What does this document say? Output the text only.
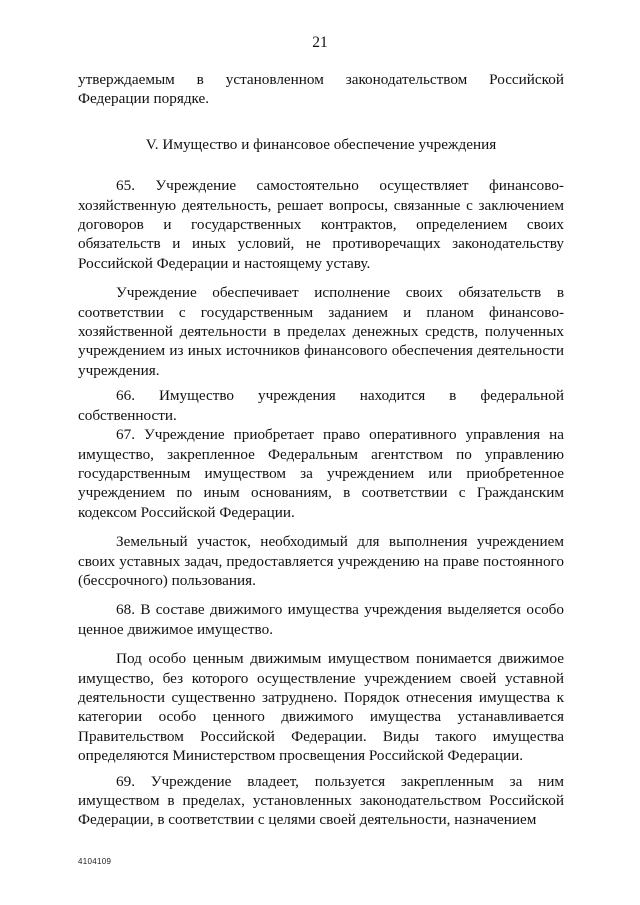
21

утверждаемым в установленном законодательством Российской Федерации порядке.

V. Имущество и финансовое обеспечение учреждения

65. Учреждение самостоятельно осуществляет финансово-хозяйственную деятельность, решает вопросы, связанные с заключением договоров и государственных контрактов, определением своих обязательств и иных условий, не противоречащих законодательству Российской Федерации и настоящему уставу.

Учреждение обеспечивает исполнение своих обязательств в соответствии с государственным заданием и планом финансово-хозяйственной деятельности в пределах денежных средств, полученных учреждением из иных источников финансового обеспечения деятельности учреждения.

66. Имущество учреждения находится в федеральной собственности.

67. Учреждение приобретает право оперативного управления на имущество, закрепленное Федеральным агентством по управлению государственным имуществом за учреждением или приобретенное учреждением по иным основаниям, в соответствии с Гражданским кодексом Российской Федерации.

Земельный участок, необходимый для выполнения учреждением своих уставных задач, предоставляется учреждению на праве постоянного (бессрочного) пользования.

68. В составе движимого имущества учреждения выделяется особо ценное движимое имущество.

Под особо ценным движимым имуществом понимается движимое имущество, без которого осуществление учреждением своей уставной деятельности существенно затруднено. Порядок отнесения имущества к категории особо ценного движимого имущества устанавливается Правительством Российской Федерации. Виды такого имущества определяются Министерством просвещения Российской Федерации.

69. Учреждение владеет, пользуется закрепленным за ним имуществом в пределах, установленных законодательством Российской Федерации, в соответствии с целями своей деятельности, назначением

4104109
